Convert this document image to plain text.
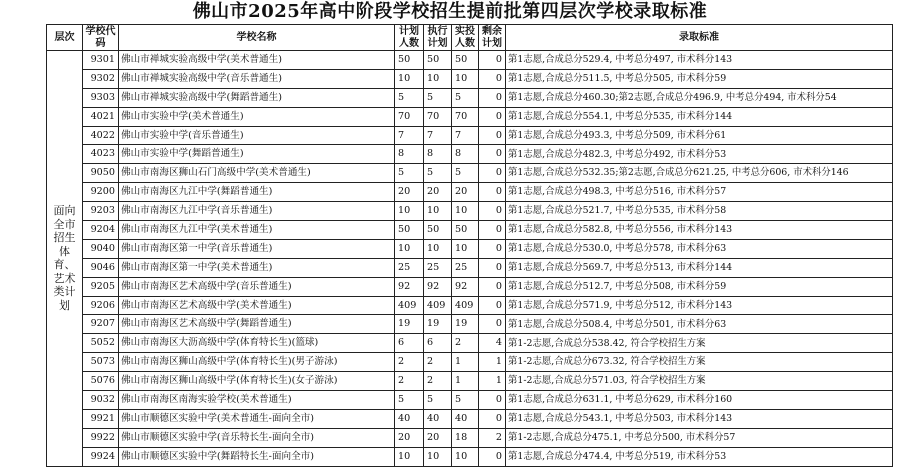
佛山市2025年高中阶段学校招生提前批第四层次学校录取标准
层次	学校代码	学校名称	计划人数	执行计划	实投人数	剩余计划	录取标准
面向全市招生体育、艺术类计划	9301	佛山市禅城实验高级中学(美术普通生)	50	50	50	0	第1志愿,合成总分529.4, 中考总分497, 市术科分143
	9302	佛山市禅城实验高级中学(音乐普通生)	10	10	10	0	第1志愿,合成总分511.5, 中考总分505, 市术科分59
	9303	佛山市禅城实验高级中学(舞蹈普通生)	5	5	5	0	第1志愿,合成总分460.30;第2志愿,合成总分496.9, 中考总分494, 市术科分54
	4021	佛山市实验中学(美术普通生)	70	70	70	0	第1志愿,合成总分554.1, 中考总分535, 市术科分144
	4022	佛山市实验中学(音乐普通生)	7	7	7	0	第1志愿,合成总分493.3, 中考总分509, 市术科分61
	4023	佛山市实验中学(舞蹈普通生)	8	8	8	0	第1志愿,合成总分482.3, 中考总分492, 市术科分53
	9050	佛山市南海区狮山石门高级中学(美术普通生)	5	5	5	0	第1志愿,合成总分532.35;第2志愿,合成总分621.25, 中考总分606, 市术科分146
	9200	佛山市南海区九江中学(舞蹈普通生)	20	20	20	0	第1志愿,合成总分498.3, 中考总分516, 市术科分57
	9203	佛山市南海区九江中学(音乐普通生)	10	10	10	0	第1志愿,合成总分521.7, 中考总分535, 市术科分58
	9204	佛山市南海区九江中学(美术普通生)	50	50	50	0	第1志愿,合成总分582.8, 中考总分556, 市术科分143
	9040	佛山市南海区第一中学(音乐普通生)	10	10	10	0	第1志愿,合成总分530.0, 中考总分578, 市术科分63
	9046	佛山市南海区第一中学(美术普通生)	25	25	25	0	第1志愿,合成总分569.7, 中考总分513, 市术科分144
	9205	佛山市南海区艺术高级中学(音乐普通生)	92	92	92	0	第1志愿,合成总分512.7, 中考总分508, 市术科分59
	9206	佛山市南海区艺术高级中学(美术普通生)	409	409	409	0	第1志愿,合成总分571.9, 中考总分512, 市术科分143
	9207	佛山市南海区艺术高级中学(舞蹈普通生)	19	19	19	0	第1志愿,合成总分508.4, 中考总分501, 市术科分63
	5052	佛山市南海区大沥高级中学(体育特长生)(篮球)	6	6	2	4	第1-2志愿,合成总分538.42, 符合学校招生方案
	5073	佛山市南海区狮山高级中学(体育特长生)(男子游泳)	2	2	1	1	第1-2志愿,合成总分673.32, 符合学校招生方案
	5076	佛山市南海区狮山高级中学(体育特长生)(女子游泳)	2	2	1	1	第1-2志愿,合成总分571.03, 符合学校招生方案
	9032	佛山市南海区南海实验学校(美术普通生)	5	5	5	0	第1志愿,合成总分631.1, 中考总分629, 市术科分160
	9921	佛山市顺德区实验中学(美术普通生-面向全市)	40	40	40	0	第1志愿,合成总分543.1, 中考总分503, 市术科分143
	9922	佛山市顺德区实验中学(音乐特长生-面向全市)	20	20	18	2	第1-2志愿,合成总分475.1, 中考总分500, 市术科分57
	9924	佛山市顺德区实验中学(舞蹈特长生-面向全市)	10	10	10	0	第1志愿,合成总分474.4, 中考总分519, 市术科分53
